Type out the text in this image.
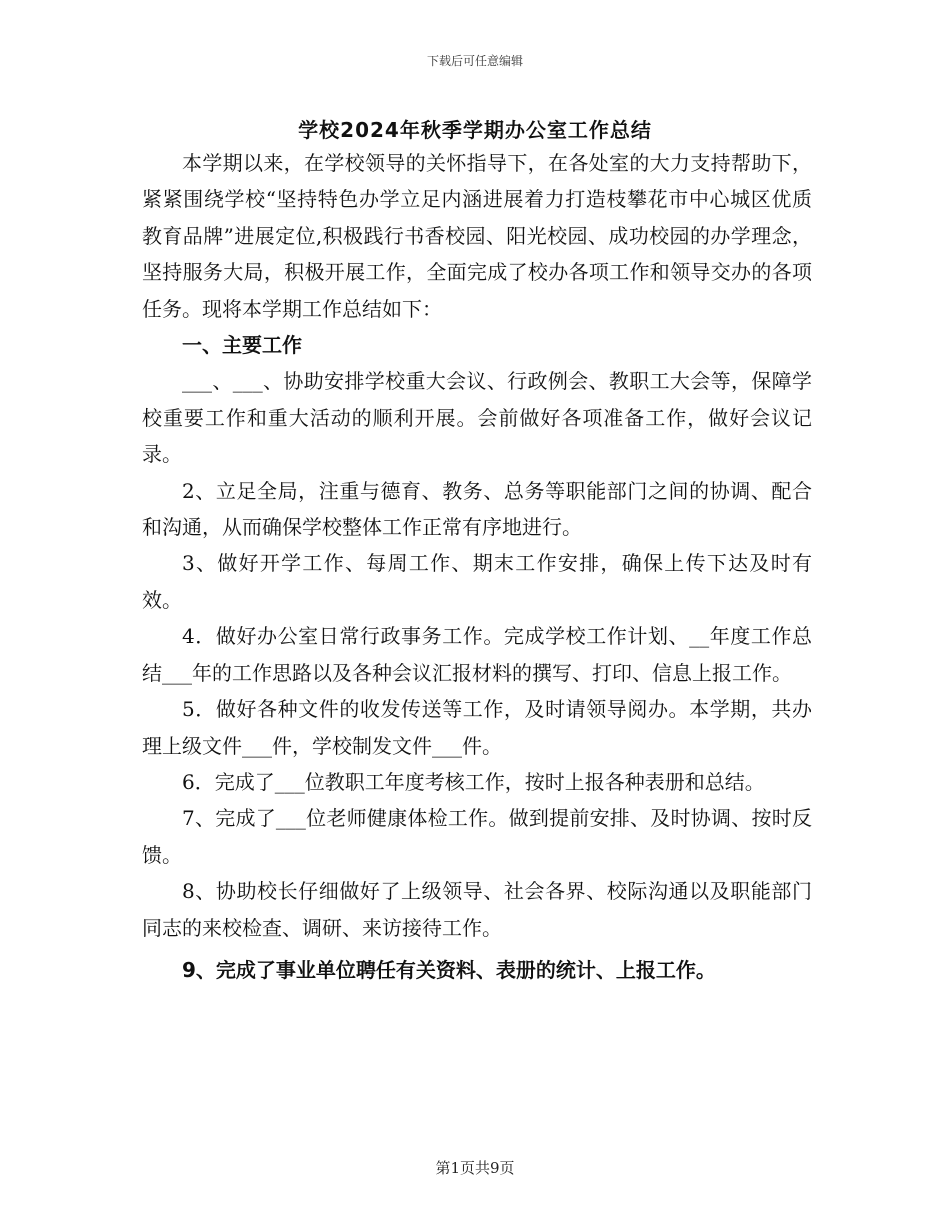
下载后可任意编辑
学校2024年秋季学期办公室工作总结

本学期以来，在学校领导的关怀指导下，在各处室的大力支持帮助下，紧紧围绕学校“坚持特色办学立足内涵进展着力打造枝攀花市中心城区优质教育品牌”进展定位,积极践行书香校园、阳光校园、成功校园的办学理念，坚持服务大局，积极开展工作，全面完成了校办各项工作和领导交办的各项任务。现将本学期工作总结如下：

一、主要工作

___、___、协助安排学校重大会议、行政例会、教职工大会等，保障学校重要工作和重大活动的顺利开展。会前做好各项准备工作，做好会议记录。

2、立足全局，注重与德育、教务、总务等职能部门之间的协调、配合和沟通，从而确保学校整体工作正常有序地进行。

3、做好开学工作、每周工作、期末工作安排，确保上传下达及时有效。

4．做好办公室日常行政事务工作。完成学校工作计划、__年度工作总结___年的工作思路以及各种会议汇报材料的撰写、打印、信息上报工作。

5．做好各种文件的收发传送等工作，及时请领导阅办。本学期，共办理上级文件___件，学校制发文件___件。

6．完成了___位教职工年度考核工作，按时上报各种表册和总结。

7、完成了___位老师健康体检工作。做到提前安排、及时协调、按时反馈。

8、协助校长仔细做好了上级领导、社会各界、校际沟通以及职能部门同志的来校检查、调研、来访接待工作。

9、完成了事业单位聘任有关资料、表册的统计、上报工作。

第1页共9页
